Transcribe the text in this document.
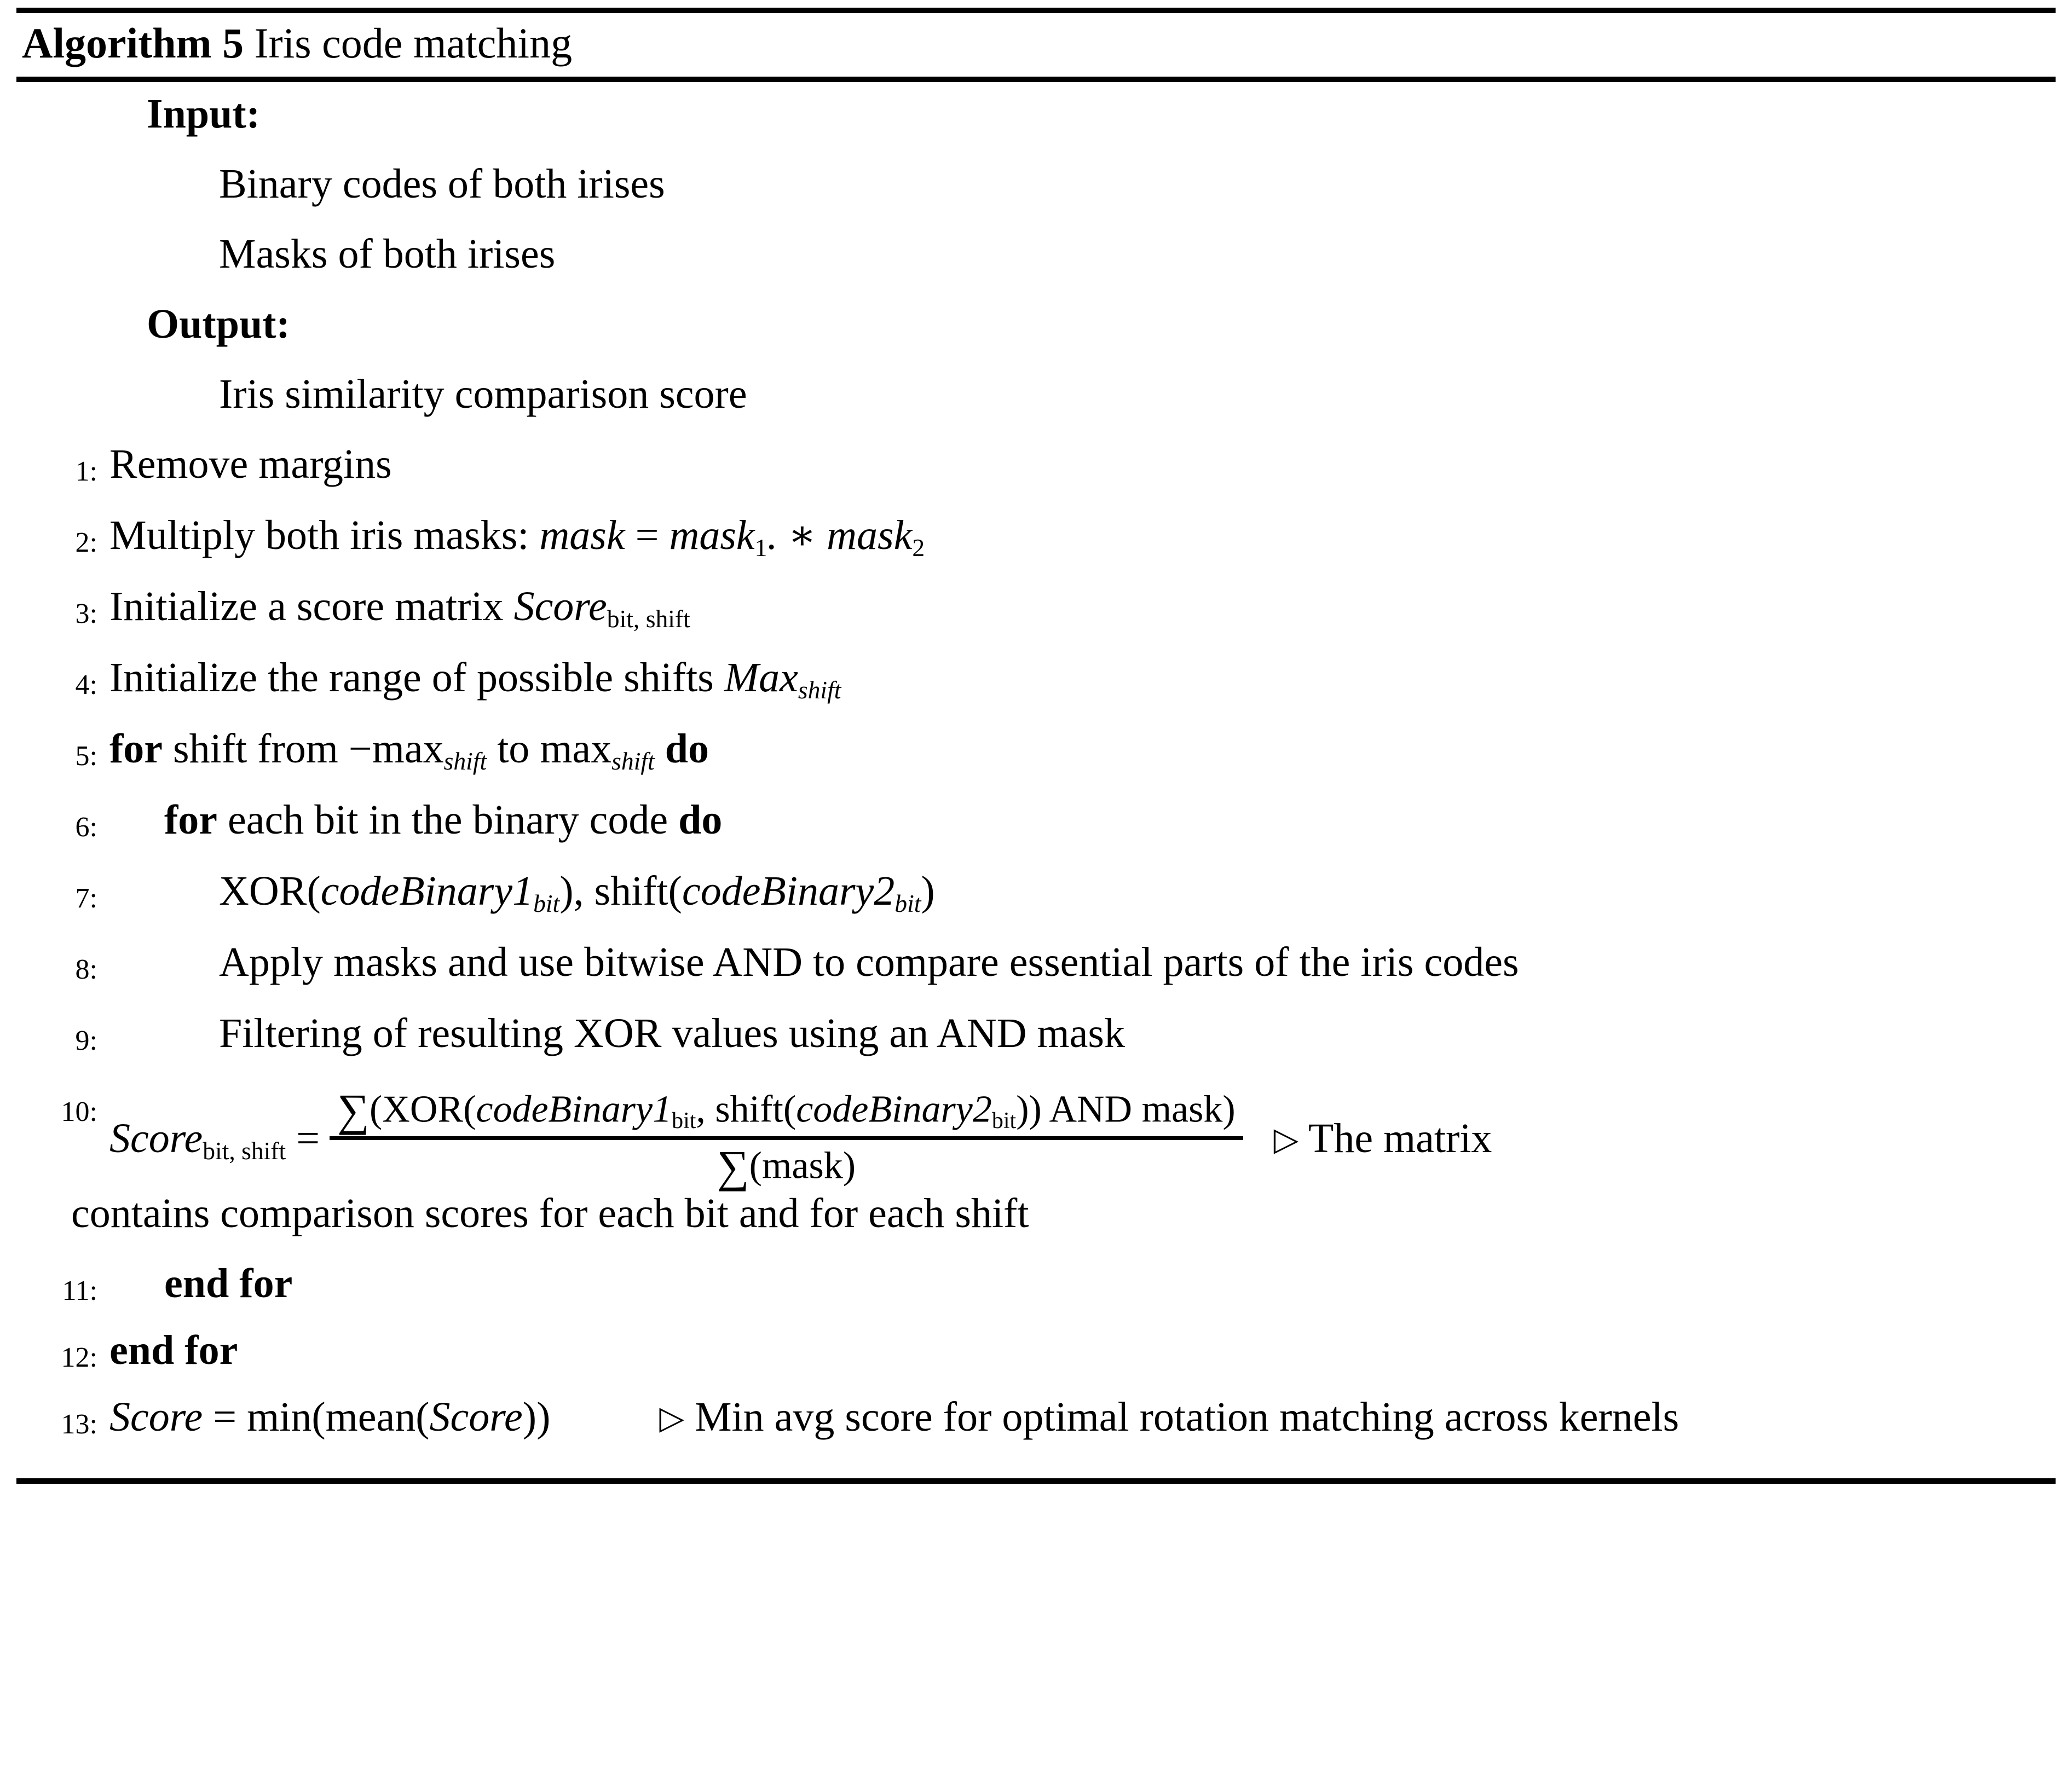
Algorithm 5 Iris code matching
Input:
Binary codes of both irises
Masks of both irises
Output:
Iris similarity comparison score
1: Remove margins
2: Multiply both iris masks: mask = mask$_1$. ∗ mask$_2$
3: Initialize a score matrix Score$_{bit, shift}$
4: Initialize the range of possible shifts Max$_{shift}$
5: for shift from $-\max_{shift}$ to $\max_{shift}$ do
6:	for each bit in the binary code do
7:	$XOR(codeBinary1_{bit})$, $shift(codeBinary2_{bit})$
8:	Apply masks and use bitwise AND to compare essential parts of the iris codes
9:	Filtering of resulting XOR values using an AND mask
10:
Score$_{bit, shift}$ =
$\sum(XOR(codeBinary1_{bit}$, $shift(codeBinary2_{bit})$) AND mask)
∑(mask)
▷ The matrix
contains comparison scores for each bit and for each shift
11:	end for
12: end for
13: Score = min(mean(Score))	▷ Min avg score for optimal rotation matching across kernels
